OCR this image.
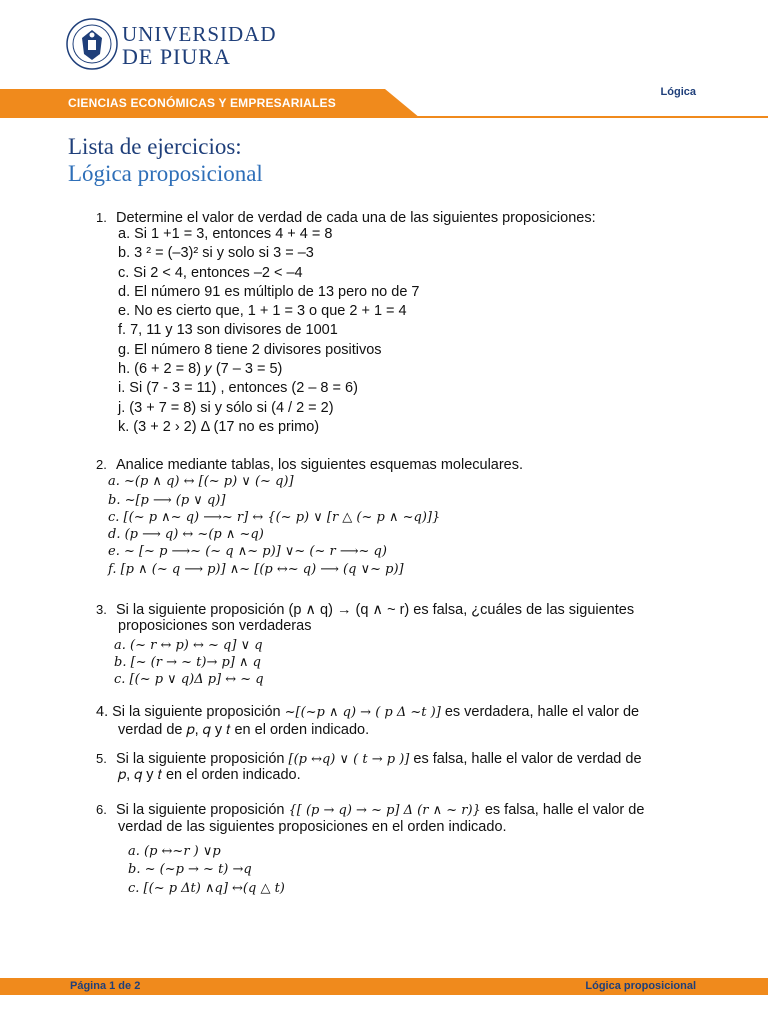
UNIVERSIDAD
DE PIURA
Lógica
CIENCIAS ECONÓMICAS Y EMPRESARIALES
Lista de ejercicios:
Lógica proposicional
1. Determine el valor de verdad de cada una de las siguientes proposiciones:
a. Si 1 +1 = 3, entonces 4 + 4 = 8
b. 3 ² = (–3)² si y solo si 3 = –3
c. Si 2 < 4, entonces –2 < –4
d. El número 91 es múltiplo de 13 pero no de 7
e. No es cierto que, 1 + 1 = 3 o que 2 + 1 = 4
f. 7, 11 y 13 son divisores de 1001
g. El número 8 tiene 2 divisores positivos
h. (6 + 2 = 8) 𝑦 (7 – 3 = 5)
i. Si (7 - 3 = 11) , entonces (2 – 8 = 6)
j. (3 + 7 = 8) si y sólo si (4 / 2 = 2)
k. (3 + 2 › 2) Δ (17 no es primo)
2. Analice mediante tablas, los siguientes esquemas moleculares.
a. ~(𝑝 ∧ 𝑞) ↔ [(~ 𝑝) ∨ (~ 𝑞)]
b. ~[𝑝 ⟶ (𝑝 ∨ 𝑞)]
c. [(~ 𝑝 ∧~ 𝑞) ⟶~ 𝑟] ↔ {(~ 𝑝) ∨ [𝑟 △ (~ 𝑝 ∧ ~𝑞)]}
d. (𝑝 ⟶ 𝑞) ↔ ~(𝑝 ∧ ~𝑞)
e. ~ [~ 𝑝 ⟶~ (~ 𝑞 ∧~ 𝑝)] ∨~ (~ 𝑟 ⟶~ 𝑞)
f. [𝑝 ∧ (~ 𝑞 ⟶ 𝑝)] ∧~ [(𝑝 ↔~ 𝑞) ⟶ (𝑞 ∨~ 𝑝)]
3. Si la siguiente proposición (p ∧ q) → (q ∧ ~ r) es falsa, ¿cuáles de las siguientes
proposiciones son verdaderas
a. (~ 𝑟 ↔ 𝑝) ↔ ~ 𝑞] ∨ 𝑞
b. [~ (𝑟 → ~ 𝑡)→ 𝑝] ∧ 𝑞
c. [(~ 𝑝 ∨ 𝑞)Δ 𝑝] ↔ ~ 𝑞
4. Si la siguiente proposición ~[(~𝑝 ∧ 𝑞) → ( 𝑝 Δ ~𝑡 )] es verdadera, halle el valor de
verdad de 𝑝, 𝑞 y 𝑡 en el orden indicado.
5. Si la siguiente proposición [(𝑝 ↔𝑞) ∨ ( 𝑡 → 𝑝 )] es falsa, halle el valor de verdad de
𝑝, 𝑞 y 𝑡 en el orden indicado.
6. Si la siguiente proposición {[ (𝑝 → 𝑞) → ~ 𝑝] Δ (𝑟 ∧ ~ 𝑟)} es falsa, halle el valor de
verdad de las siguientes proposiciones en el orden indicado.
a. (𝑝 ↔~𝑟 ) ∨𝑝
b. ~ (~𝑝 → ~ 𝑡) →𝑞
c. [(~ 𝑝 Δ𝑡) ∧𝑞] ↔(𝑞 △ 𝑡)
Página 1 de 2	Lógica proposicional
